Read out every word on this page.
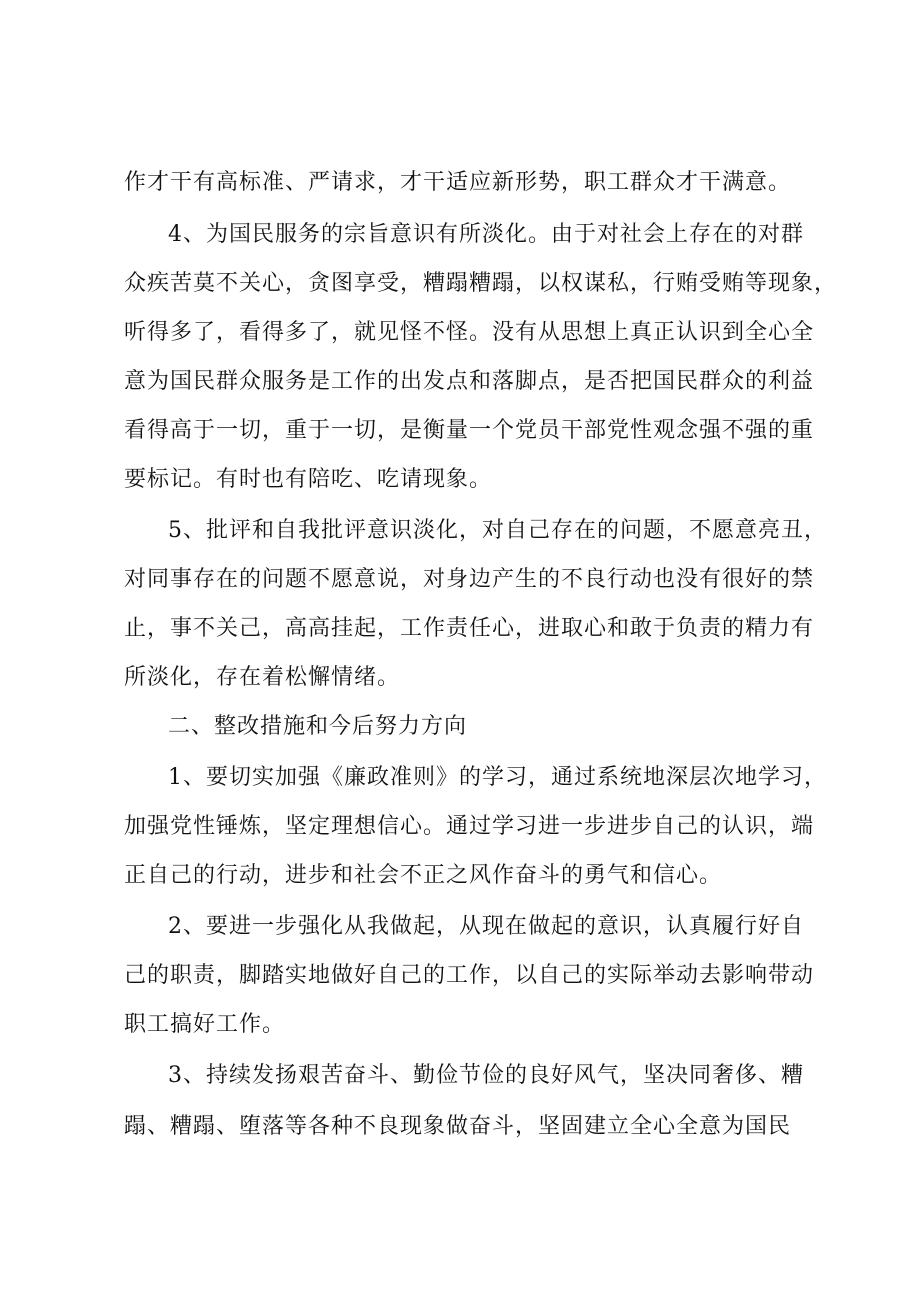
作才干有高标准、严请求，才干适应新形势，职工群众才干满意。
4、为国民服务的宗旨意识有所淡化。由于对社会上存在的对群
众疾苦莫不关心，贪图享受，糟蹋糟蹋，以权谋私，行贿受贿等现象，
听得多了，看得多了，就见怪不怪。没有从思想上真正认识到全心全
意为国民群众服务是工作的出发点和落脚点，是否把国民群众的利益
看得高于一切，重于一切，是衡量一个党员干部党性观念强不强的重
要标记。有时也有陪吃、吃请现象。
5、批评和自我批评意识淡化，对自己存在的问题，不愿意亮丑，
对同事存在的问题不愿意说，对身边产生的不良行动也没有很好的禁
止，事不关己，高高挂起，工作责任心，进取心和敢于负责的精力有
所淡化，存在着松懈情绪。
二、整改措施和今后努力方向
1、要切实加强《廉政准则》的学习，通过系统地深层次地学习，
加强党性锤炼，坚定理想信心。通过学习进一步进步自己的认识，端
正自己的行动，进步和社会不正之风作奋斗的勇气和信心。
2、要进一步强化从我做起，从现在做起的意识，认真履行好自
己的职责，脚踏实地做好自己的工作，以自己的实际举动去影响带动
职工搞好工作。
3、持续发扬艰苦奋斗、勤俭节俭的良好风气，坚决同奢侈、糟
蹋、糟蹋、堕落等各种不良现象做奋斗，坚固建立全心全意为国民
